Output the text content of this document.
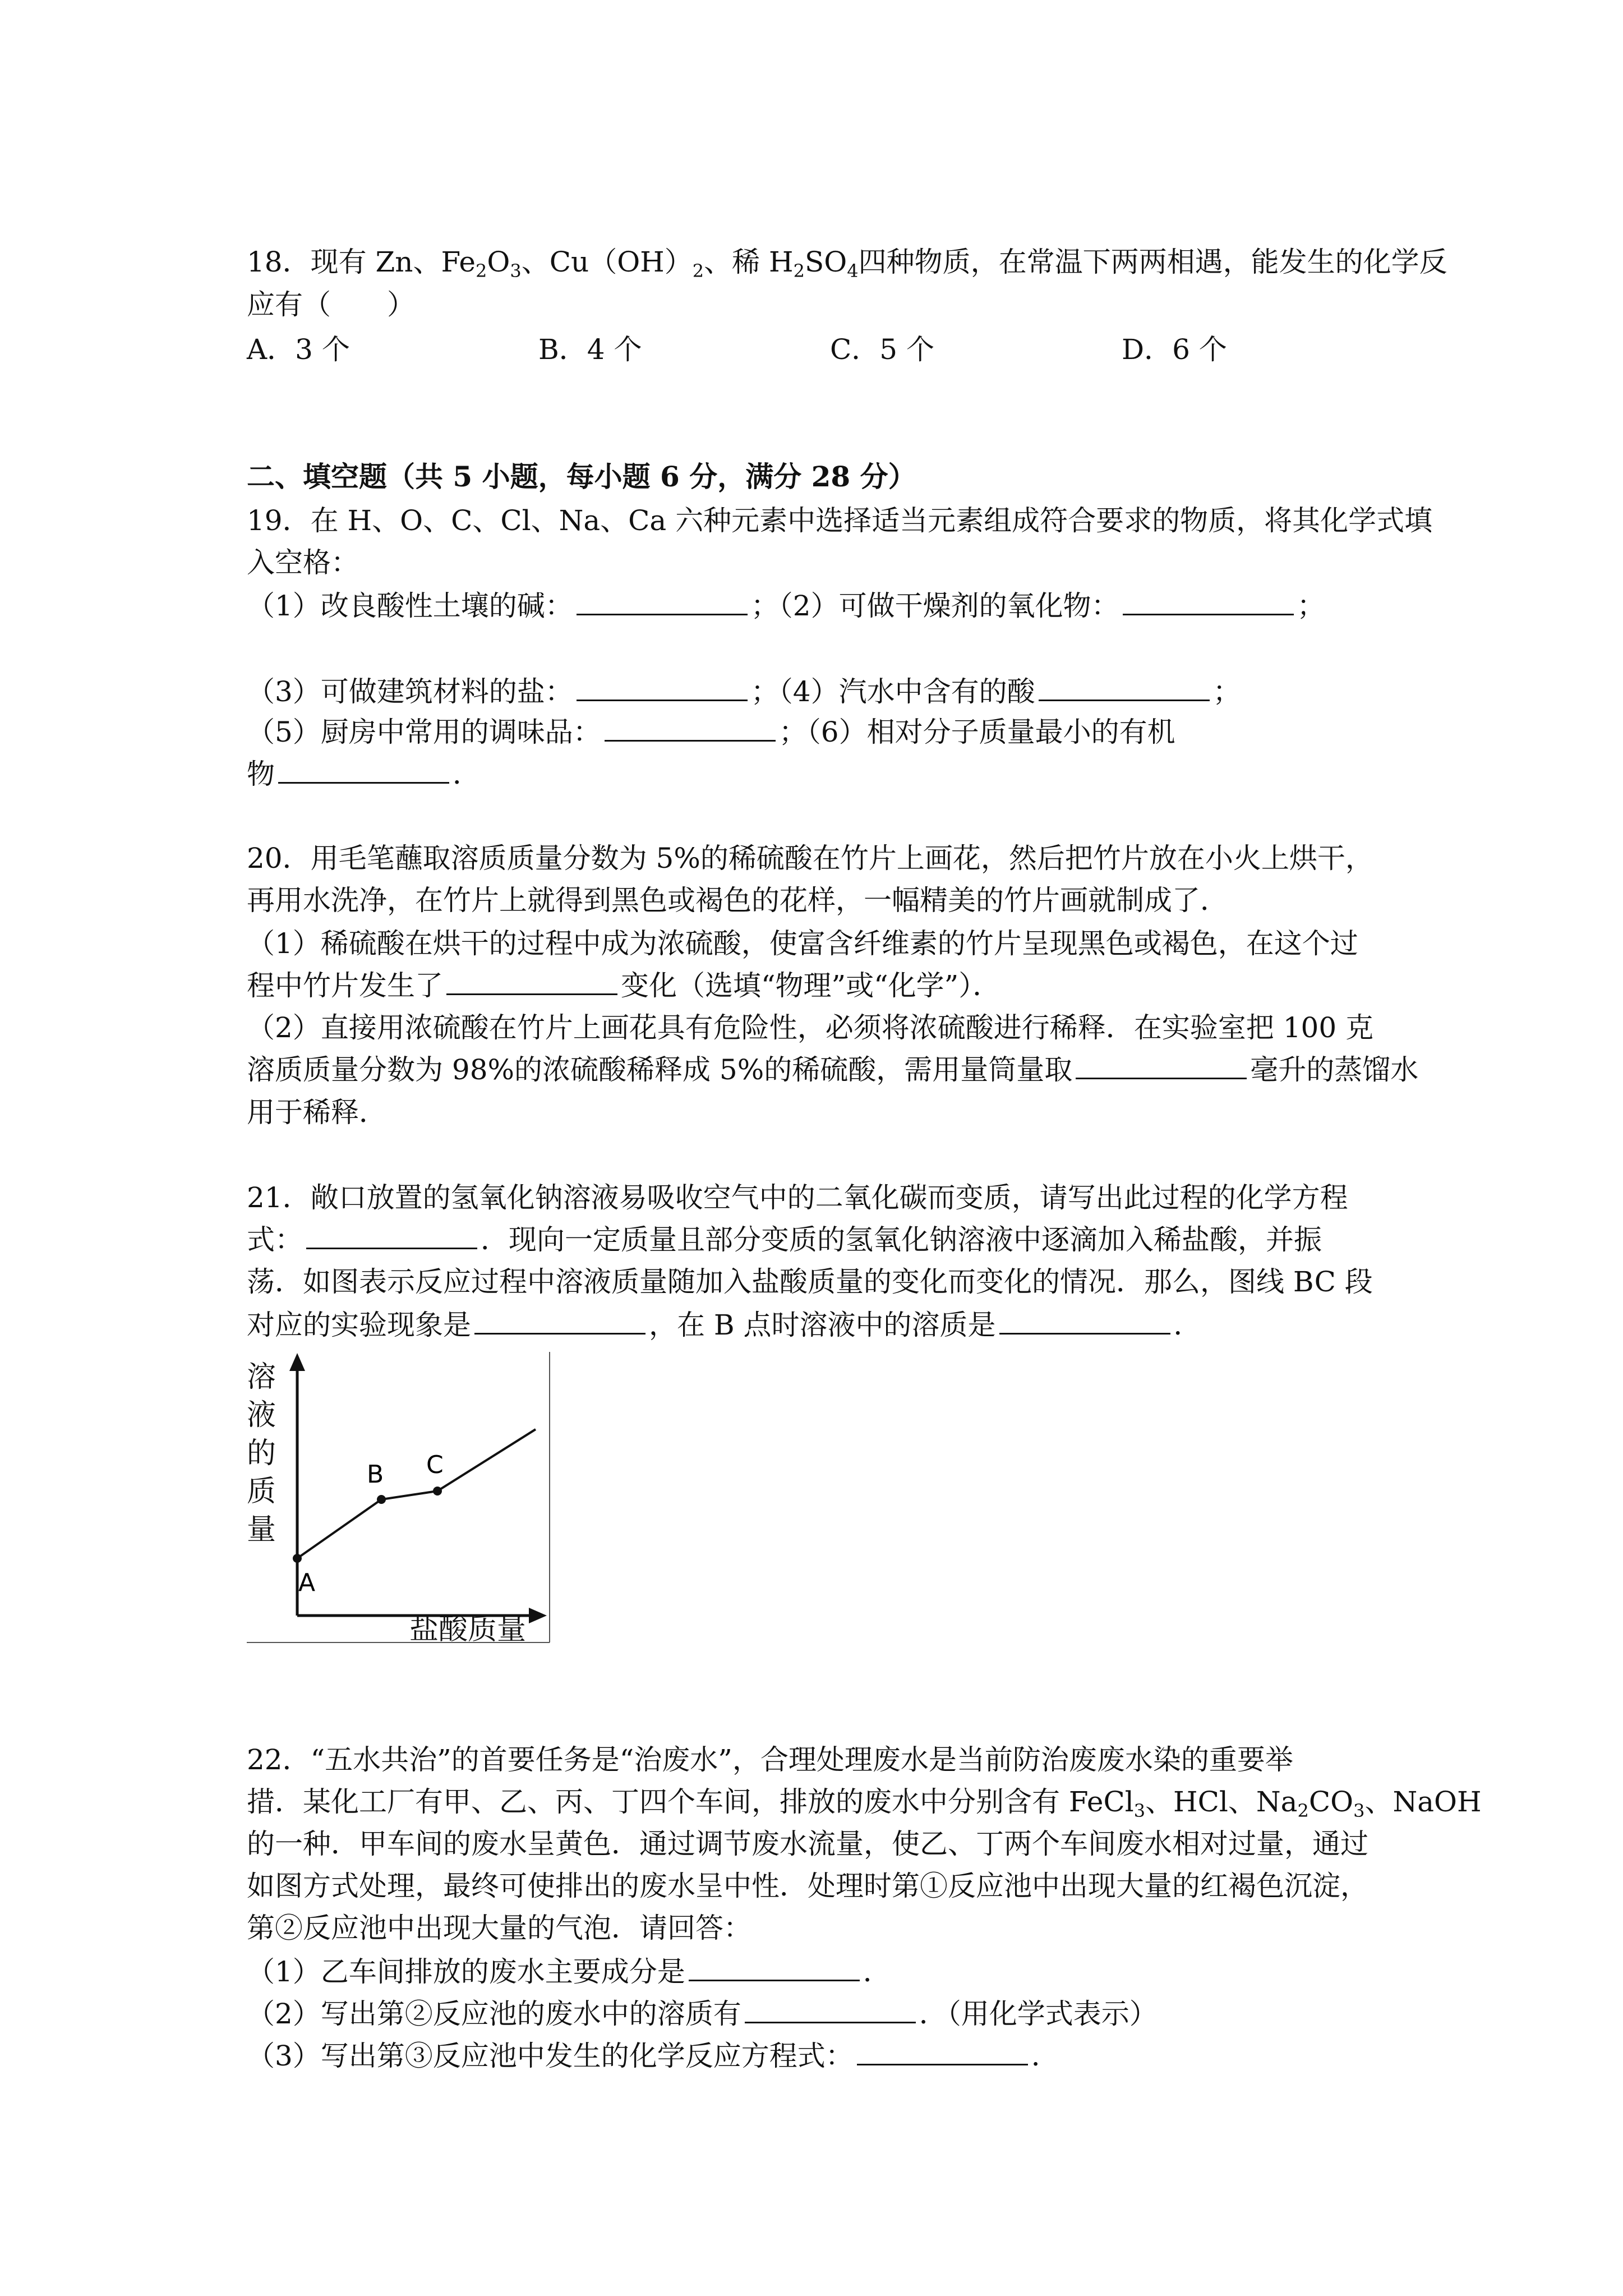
18．现有 Zn、$Fe_2O_3$、$Cu(OH)_2$、稀 $H_2SO_4$四种物质，在常温下两两相遇，能发生的化学反
应有（　　）
A．3 个	B．4 个	C．5 个	D．6 个
二、填空题（共 5 小题，每小题 6 分，满分 28 分）
19．在 H、O、C、Cl、Na、Ca 六种元素中选择适当元素组成符合要求的物质，将其化学式填
入空格：
（1）改良酸性土壤的碱：	；（2）可做干燥剂的氧化物：	；
（3）可做建筑材料的盐：	；（4）汽水中含有的酸	；
（5）厨房中常用的调味品：	；（6）相对分子质量最小的有机
物	．
20．用毛笔蘸取溶质质量分数为 5%的稀硫酸在竹片上画花，然后把竹片放在小火上烘干，
再用水洗净，在竹片上就得到黑色或褐色的花样，一幅精美的竹片画就制成了．
（1）稀硫酸在烘干的过程中成为浓硫酸，使富含纤维素的竹片呈现黑色或褐色，在这个过
程中竹片发生了	变化（选填“物理”或“化学”）．
（2）直接用浓硫酸在竹片上画花具有危险性，必须将浓硫酸进行稀释．在实验室把 100 克
溶质质量分数为 98%的浓硫酸稀释成 5%的稀硫酸，需用量筒量取	毫升的蒸馏水
用于稀释．
21．敞口放置的氢氧化钠溶液易吸收空气中的二氧化碳而变质，请写出此过程的化学方程
式：	．现向一定质量且部分变质的氢氧化钠溶液中逐滴加入稀盐酸，并振
荡．如图表示反应过程中溶液质量随加入盐酸质量的变化而变化的情况．那么，图线 BC 段
对应的实验现象是	，在 B 点时溶液中的溶质是	．
溶
液
的
质
量
盐酸质量
A
B C
22．“五水共治”的首要任务是“治废水”，合理处理废水是当前防治废废水染的重要举
措．某化工厂有甲、乙、丙、丁四个车间，排放的废水中分别含有 FeCl$_3$、HCl、$Na_2CO_3$、NaOH
的一种．甲车间的废水呈黄色．通过调节废水流量，使乙、丁两个车间废水相对过量，通过
如图方式处理，最终可使排出的废水呈中性．处理时第①反应池中出现大量的红褐色沉淀，
第②反应池中出现大量的气泡．请回答：
（1）乙车间排放的废水主要成分是	．
（2）写出第②反应池的废水中的溶质有	．（用化学式表示）
（3）写出第③反应池中发生的化学反应方程式：	．
